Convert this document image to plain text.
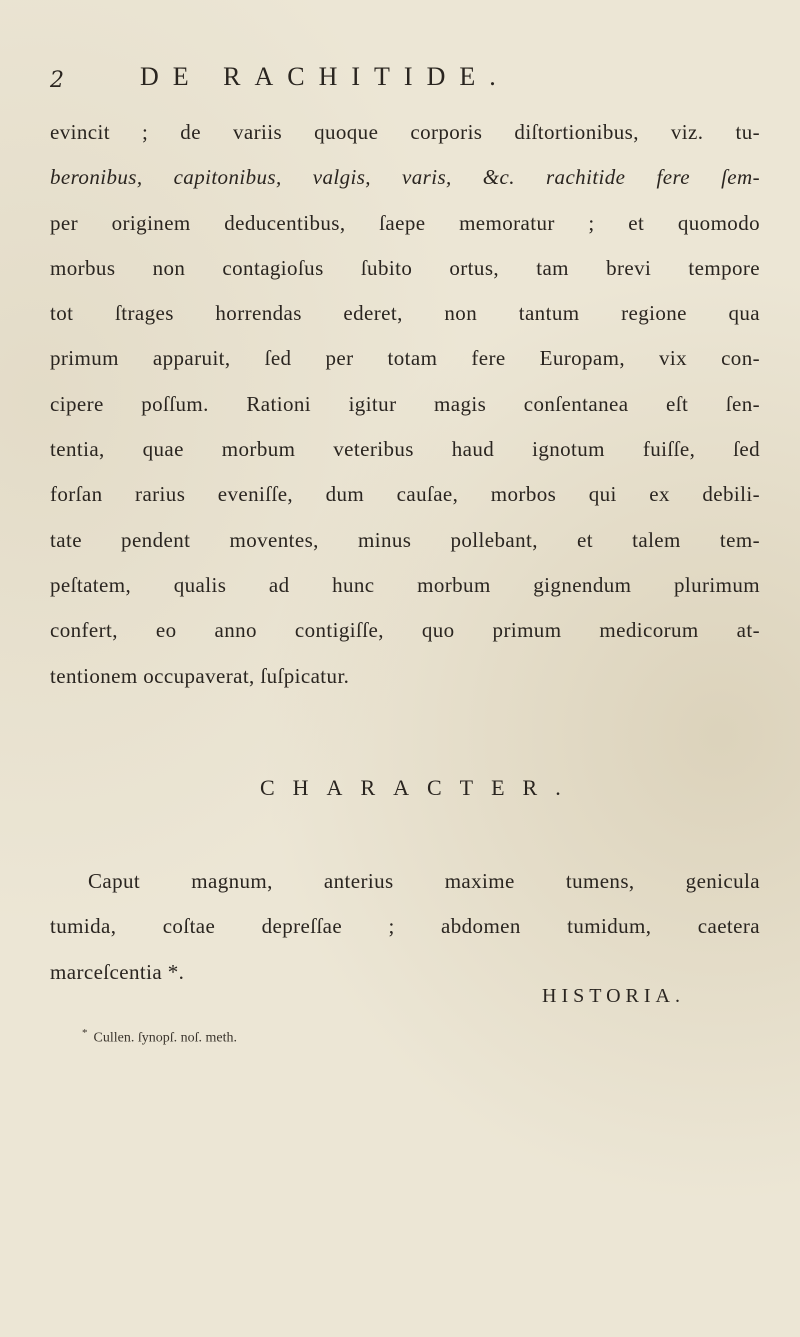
2	DE RACHITIDE.

evincit ; de variis quoque corporis diſtortionibus, viz. tu-
beronibus, capitonibus, valgis, varis, &c. rachitide fere ſem-
per originem deducentibus, ſaepe memoratur ; et quomodo
morbus non contagioſus ſubito ortus, tam brevi tempore
tot ſtrages horrendas ederet, non tantum regione qua
primum apparuit, ſed per totam fere Europam, vix con-
cipere poſſum. Rationi igitur magis conſentanea eſt ſen-
tentia, quae morbum veteribus haud ignotum fuiſſe, ſed
forſan rarius eveniſſe, dum cauſae, morbos qui ex debili-
tate pendent moventes, minus pollebant, et talem tem-
peſtatem, qualis ad hunc morbum gignendum plurimum
confert, eo anno contigiſſe, quo primum medicorum at-
tentionem occupaverat, ſuſpicatur.

CHARACTER.

Caput magnum, anterius maxime tumens, genicula
tumida, coſtae depreſſae ; abdomen tumidum, caetera
marceſcentia *.

HISTORIA.
* Cullen. ſynopſ. noſ. meth.
